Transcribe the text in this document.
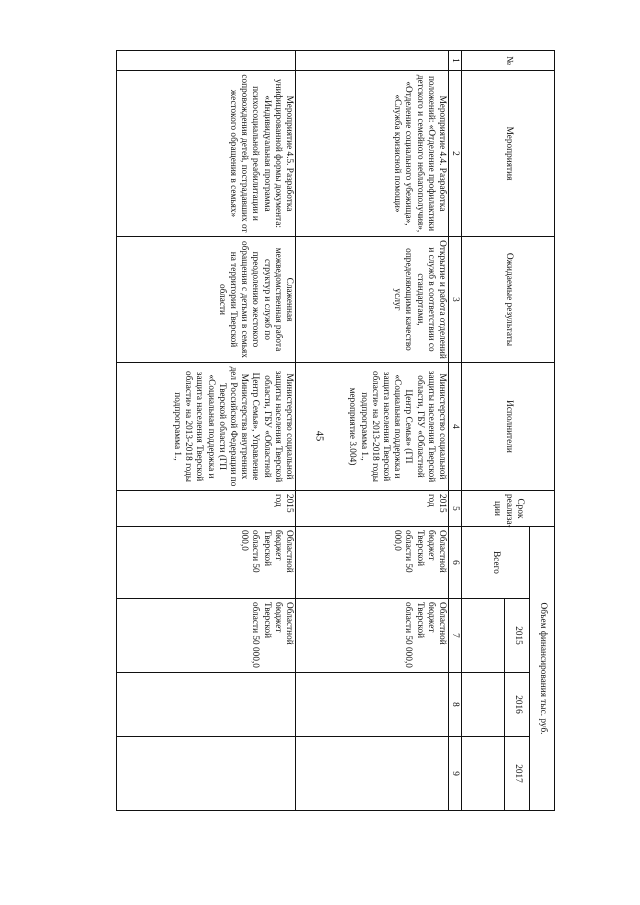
45
№	Мероприятия	Ожидаемые результаты	Исполнители	Срок реализа-ции	Объем финансирования тыс. руб.			
					Всего	2015	2016	2017

1	2	3	4	5	6	7	8	9
	Мероприятие 4.4. Разработка положений: «Отделение профилактики детского и семейного неблагополучия», «Отделение социального убежища», «Служба кризисной помощи»	Открытие и работа отделений и служб в соответствии со стандартами, определяющими качество услуг	Министерство социальной защиты населения Тверской области, ГБУ «Областной Центр Семья» (ГП «Социальная поддержка и защита населения Тверской области» на 2013-2018 годы подпрограмма 1., мероприятие 3.004)	2015 год	Областной бюджет Тверской области 50 000,0	Областной бюджет Тверской области 50 000,0		
	Мероприятие 4.5. Разработка унифицированной формы документа: «Индивидуальная программа психосоциальной реабилитации и сопровождения детей, пострадавших от жестокого обращения в семьях»	Слаженная межведомственная работа структур и служб по преодолению жестокого обращения с детьми в семьях на территории Тверской области	Министерство социальной защиты населения Тверской области, ГБУ «Областной Центр Семья», Управление Министерства внутренних дел Российской Федерации по Тверской области (ГП «Социальная поддержка и защита населения Тверской области» на 2013-2018 годы подпрограмма 1.,	2015 год	Областной бюджет Тверской области 50 000,0	Областной бюджет Тверской области 50 000,0		
